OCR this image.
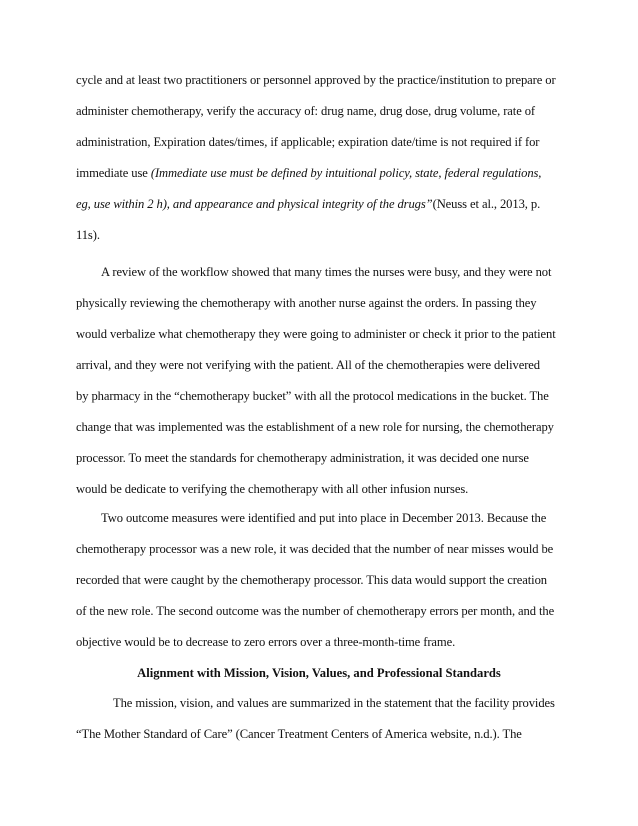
cycle and at least two practitioners or personnel approved by the practice/institution to prepare or
administer chemotherapy, verify the accuracy of: drug name, drug dose, drug volume, rate of
administration, Expiration dates/times, if applicable; expiration date/time is not required if for
immediate use (Immediate use must be defined by intuitional policy, state, federal regulations,
eg, use within 2 h), and appearance and physical integrity of the drugs”(Neuss et al., 2013, p.
11s).
A review of the workflow showed that many times the nurses were busy, and they were not
physically reviewing the chemotherapy with another nurse against the orders. In passing they
would verbalize what chemotherapy they were going to administer or check it prior to the patient
arrival, and they were not verifying with the patient. All of the chemotherapies were delivered
by pharmacy in the “chemotherapy bucket” with all the protocol medications in the bucket. The
change that was implemented was the establishment of a new role for nursing, the chemotherapy
processor. To meet the standards for chemotherapy administration, it was decided one nurse
would be dedicate to verifying the chemotherapy with all other infusion nurses.
Two outcome measures were identified and put into place in December 2013. Because the
chemotherapy processor was a new role, it was decided that the number of near misses would be
recorded that were caught by the chemotherapy processor. This data would support the creation
of the new role. The second outcome was the number of chemotherapy errors per month, and the
objective would be to decrease to zero errors over a three-month-time frame.
Alignment with Mission, Vision, Values, and Professional Standards
The mission, vision, and values are summarized in the statement that the facility provides
“The Mother Standard of Care” (Cancer Treatment Centers of America website, n.d.). The
